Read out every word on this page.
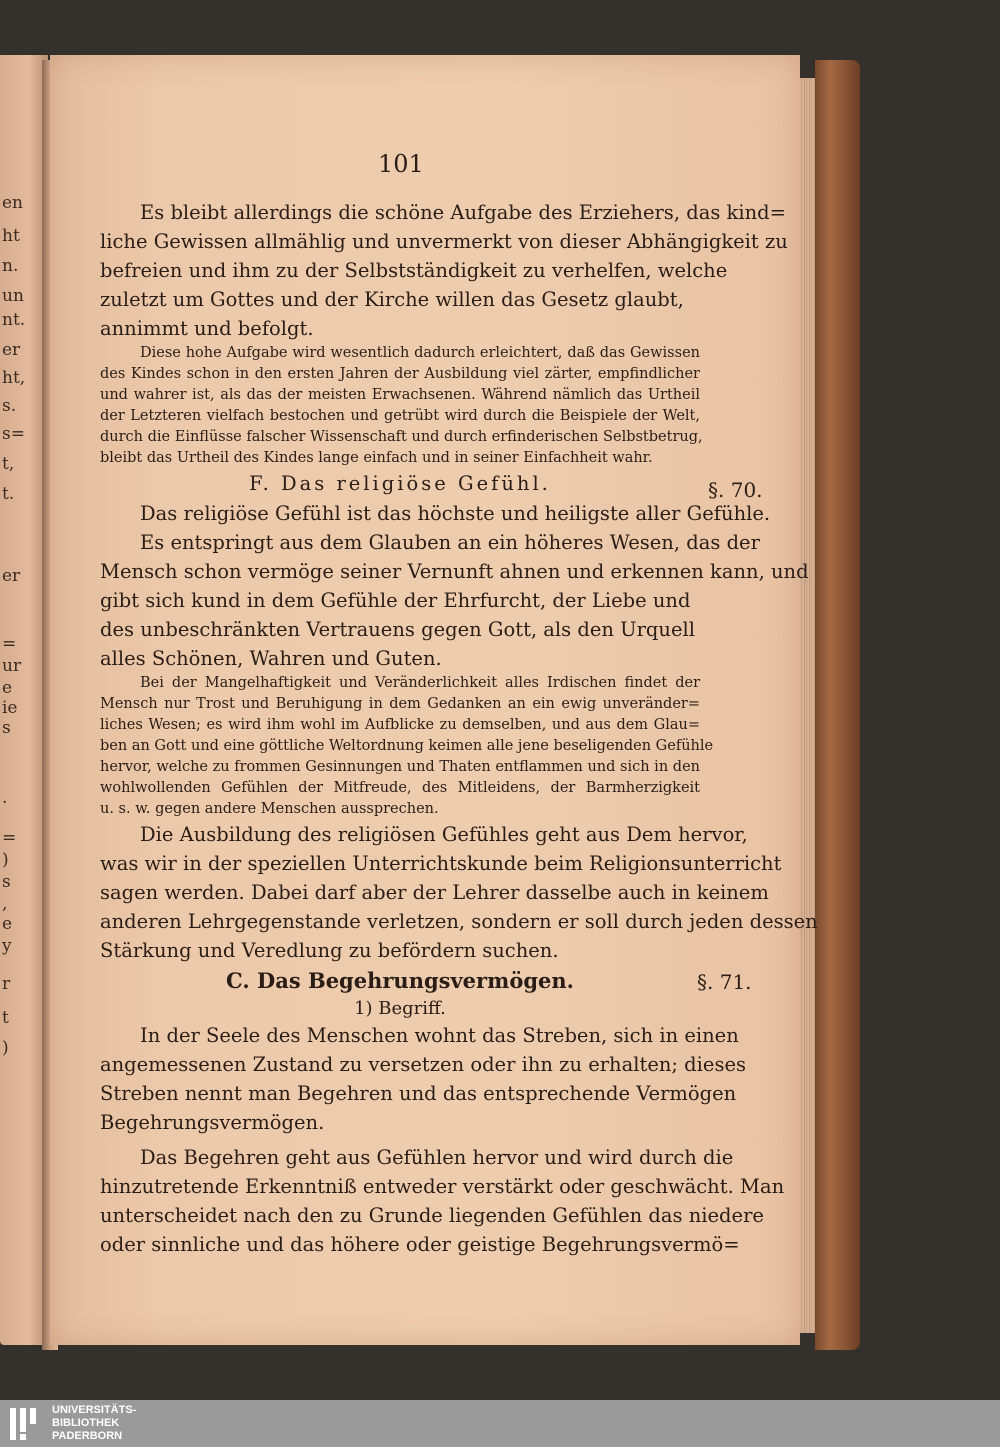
en
ht
n.
un
nt.
er
ht,
s.
s=
t,
t.
er
=
ur
e
ie
s
.
=
)
s
,
e
y
r
t
)
101
Es bleibt allerdings die schöne Aufgabe des Erziehers, das kind=
liche Gewissen allmählig und unvermerkt von dieser Abhängigkeit zu
befreien und ihm zu der Selbstständigkeit zu verhelfen, welche
zuletzt um Gottes und der Kirche willen das Gesetz glaubt,
annimmt und befolgt.
Diese hohe Aufgabe wird wesentlich dadurch erleichtert, daß das Gewissen
des Kindes schon in den ersten Jahren der Ausbildung viel zärter, empfindlicher
und wahrer ist, als das der meisten Erwachsenen. Während nämlich das Urtheil
der Letzteren vielfach bestochen und getrübt wird durch die Beispiele der Welt,
durch die Einflüsse falscher Wissenschaft und durch erfinderischen Selbstbetrug,
bleibt das Urtheil des Kindes lange einfach und in seiner Einfachheit wahr.
F. Das religiöse Gefühl.
Das religiöse Gefühl ist das höchste und heiligste aller Gefühle.
Es entspringt aus dem Glauben an ein höheres Wesen, das der
Mensch schon vermöge seiner Vernunft ahnen und erkennen kann, und
gibt sich kund in dem Gefühle der Ehrfurcht, der Liebe und
des unbeschränkten Vertrauens gegen Gott, als den Urquell
alles Schönen, Wahren und Guten.
Bei der Mangelhaftigkeit und Veränderlichkeit alles Irdischen findet der
Mensch nur Trost und Beruhigung in dem Gedanken an ein ewig unveränder=
liches Wesen; es wird ihm wohl im Aufblicke zu demselben, und aus dem Glau=
ben an Gott und eine göttliche Weltordnung keimen alle jene beseligenden Gefühle
hervor, welche zu frommen Gesinnungen und Thaten entflammen und sich in den
wohlwollenden Gefühlen der Mitfreude, des Mitleidens, der Barmherzigkeit
u. s. w. gegen andere Menschen aussprechen.
Die Ausbildung des religiösen Gefühles geht aus Dem hervor,
was wir in der speziellen Unterrichtskunde beim Religionsunterricht
sagen werden. Dabei darf aber der Lehrer dasselbe auch in keinem
anderen Lehrgegenstande verletzen, sondern er soll durch jeden dessen
Stärkung und Veredlung zu befördern suchen.
C. Das Begehrungsvermögen.
1) Begriff.
In der Seele des Menschen wohnt das Streben, sich in einen
angemessenen Zustand zu versetzen oder ihn zu erhalten; dieses
Streben nennt man Begehren und das entsprechende Vermögen
Begehrungsvermögen.
Das Begehren geht aus Gefühlen hervor und wird durch die
hinzutretende Erkenntniß entweder verstärkt oder geschwächt. Man
unterscheidet nach den zu Grunde liegenden Gefühlen das niedere
oder sinnliche und das höhere oder geistige Begehrungsvermö=
§. 70.
§. 71.
UNIVERSITÄTS-
BIBLIOTHEK
PADERBORN
